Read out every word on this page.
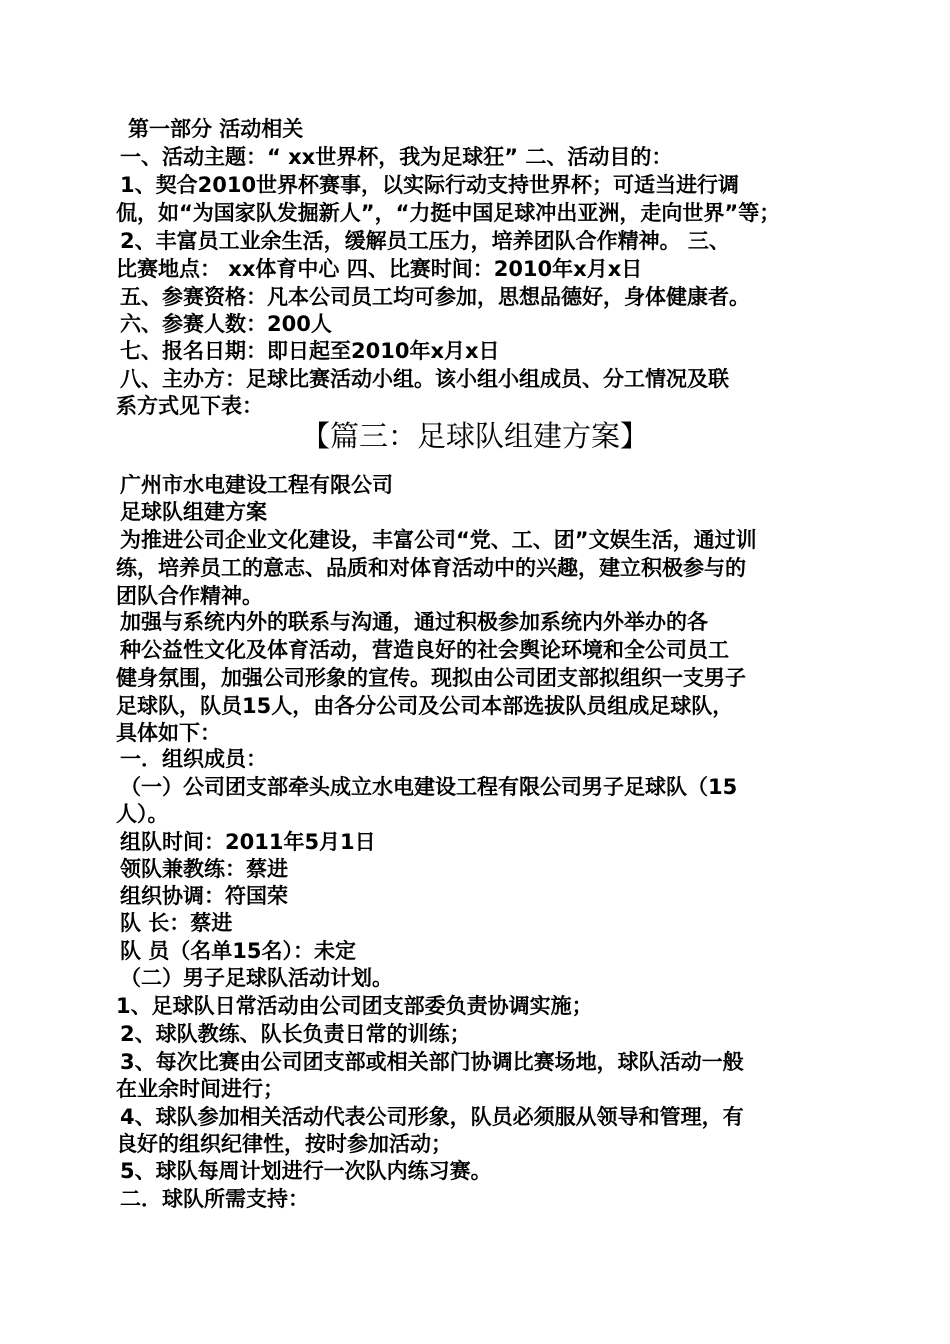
第一部分 活动相关
一、活动主题：“ xx世界杯，我为足球狂” 二、活动目的：
1、契合2010世界杯赛事，以实际行动支持世界杯；可适当进行调
侃，如“为国家队发掘新人”，“力挺中国足球冲出亚洲，走向世界”等；
2、丰富员工业余生活，缓解员工压力，培养团队合作精神。 三、
比赛地点： xx体育中心 四、比赛时间：2010年x月x日
五、参赛资格：凡本公司员工均可参加，思想品德好，身体健康者。
六、参赛人数：200人
七、报名日期：即日起至2010年x月x日
八、主办方：足球比赛活动小组。该小组小组成员、分工情况及联
系方式见下表：
【篇三：足球队组建方案】
广州市水电建设工程有限公司
足球队组建方案
为推进公司企业文化建设，丰富公司“党、工、团”文娱生活，通过训
练，培养员工的意志、品质和对体育活动中的兴趣，建立积极参与的
团队合作精神。
加强与系统内外的联系与沟通，通过积极参加系统内外举办的各
种公益性文化及体育活动，营造良好的社会舆论环境和全公司员工
健身氛围，加强公司形象的宣传。现拟由公司团支部拟组织一支男子
足球队，队员15人，由各分公司及公司本部选拔队员组成足球队，
具体如下：
一．组织成员：
（一）公司团支部牵头成立水电建设工程有限公司男子足球队（15
人）。
组队时间：2011年5月1日
领队兼教练：蔡进
组织协调：符国荣
队 长：蔡进
队 员（名单15名）：未定
（二）男子足球队活动计划。
1、足球队日常活动由公司团支部委负责协调实施；
2、球队教练、队长负责日常的训练；
3、每次比赛由公司团支部或相关部门协调比赛场地，球队活动一般
在业余时间进行；
4、球队参加相关活动代表公司形象，队员必须服从领导和管理，有
良好的组织纪律性，按时参加活动；
5、球队每周计划进行一次队内练习赛。
二．球队所需支持：
